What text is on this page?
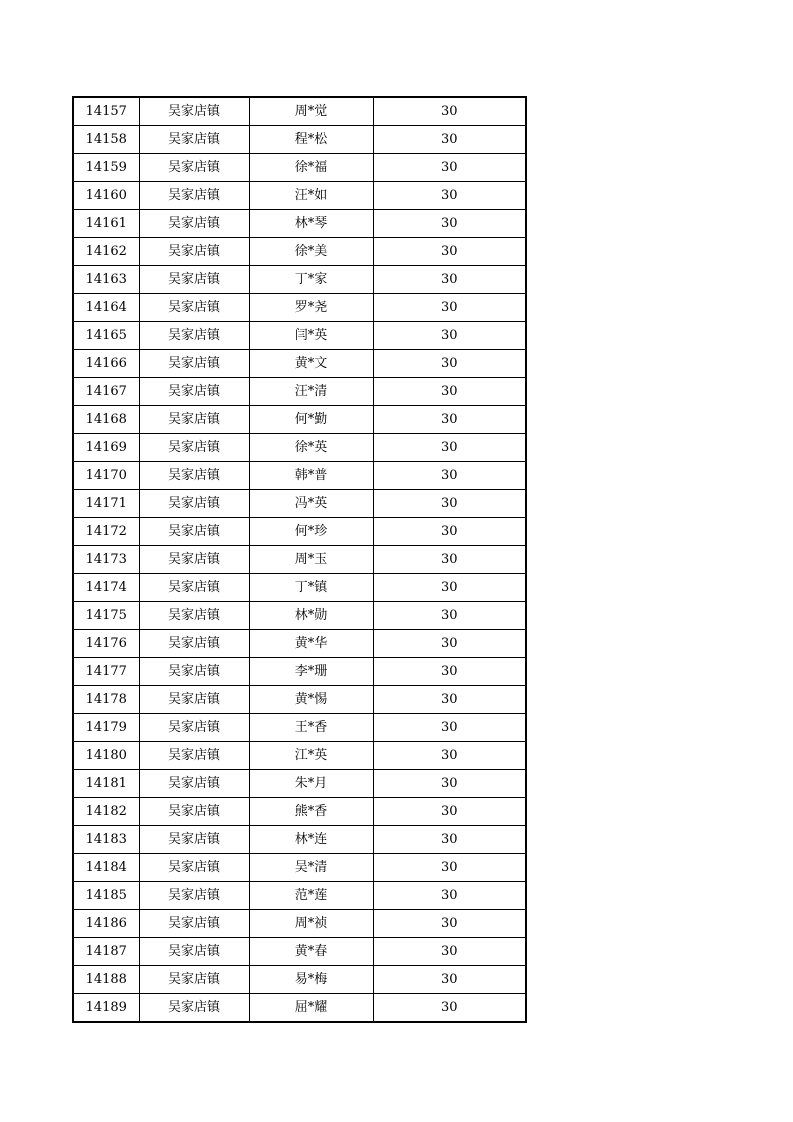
14157	吴家店镇	周*觉	30
14158	吴家店镇	程*松	30
14159	吴家店镇	徐*福	30
14160	吴家店镇	汪*如	30
14161	吴家店镇	林*琴	30
14162	吴家店镇	徐*美	30
14163	吴家店镇	丁*家	30
14164	吴家店镇	罗*尧	30
14165	吴家店镇	闫*英	30
14166	吴家店镇	黄*文	30
14167	吴家店镇	汪*清	30
14168	吴家店镇	何*勤	30
14169	吴家店镇	徐*英	30
14170	吴家店镇	韩*普	30
14171	吴家店镇	冯*英	30
14172	吴家店镇	何*珍	30
14173	吴家店镇	周*玉	30
14174	吴家店镇	丁*镇	30
14175	吴家店镇	林*勋	30
14176	吴家店镇	黄*华	30
14177	吴家店镇	李*珊	30
14178	吴家店镇	黄*惕	30
14179	吴家店镇	王*香	30
14180	吴家店镇	江*英	30
14181	吴家店镇	朱*月	30
14182	吴家店镇	熊*香	30
14183	吴家店镇	林*连	30
14184	吴家店镇	吴*清	30
14185	吴家店镇	范*莲	30
14186	吴家店镇	周*祯	30
14187	吴家店镇	黄*春	30
14188	吴家店镇	易*梅	30
14189	吴家店镇	屈*耀	30
